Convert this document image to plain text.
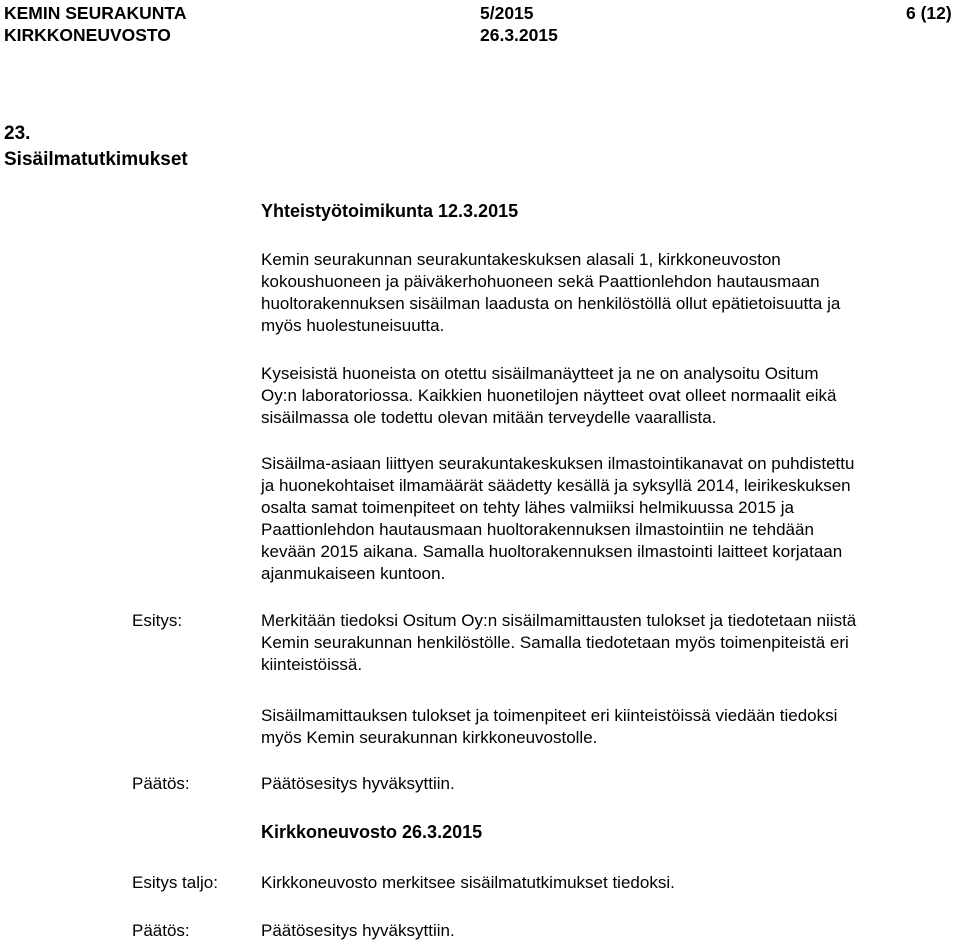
KEMIN SEURAKUNTA
KIRKKONEUVOSTO
5/2015
26.3.2015
6 (12)
23.
Sisäilmatutkimukset
Yhteistyötoimikunta 12.3.2015
Kemin seurakunnan seurakuntakeskuksen alasali 1, kirkkoneuvoston
kokoushuoneen ja päiväkerhohuoneen sekä Paattionlehdon hautausmaan
huoltorakennuksen sisäilman laadusta on henkilöstöllä ollut epätietoisuutta ja
myös huolestuneisuutta.
Kyseisistä huoneista on otettu sisäilmanäytteet ja ne on analysoitu Ositum
Oy:n laboratoriossa. Kaikkien huonetilojen näytteet ovat olleet normaalit eikä
sisäilmassa ole todettu olevan mitään terveydelle vaarallista.
Sisäilma-asiaan liittyen seurakuntakeskuksen ilmastointikanavat on puhdistettu
ja huonekohtaiset ilmamäärät säädetty kesällä ja syksyllä 2014, leirikeskuksen
osalta samat toimenpiteet on tehty lähes valmiiksi helmikuussa 2015 ja
Paattionlehdon hautausmaan huoltorakennuksen ilmastointiin ne tehdään
kevään 2015 aikana. Samalla huoltorakennuksen ilmastointi laitteet korjataan
ajanmukaiseen kuntoon.
Esitys:	Merkitään tiedoksi Ositum Oy:n sisäilmamittausten tulokset ja tiedotetaan niistä
Kemin seurakunnan henkilöstölle. Samalla tiedotetaan myös toimenpiteistä eri
kiinteistöissä.
Sisäilmamittauksen tulokset ja toimenpiteet eri kiinteistöissä viedään tiedoksi
myös Kemin seurakunnan kirkkoneuvostolle.
Päätös:	Päätösesitys hyväksyttiin.
Kirkkoneuvosto 26.3.2015
Esitys taljo:	Kirkkoneuvosto merkitsee sisäilmatutkimukset tiedoksi.
Päätös:	Päätösesitys hyväksyttiin.
